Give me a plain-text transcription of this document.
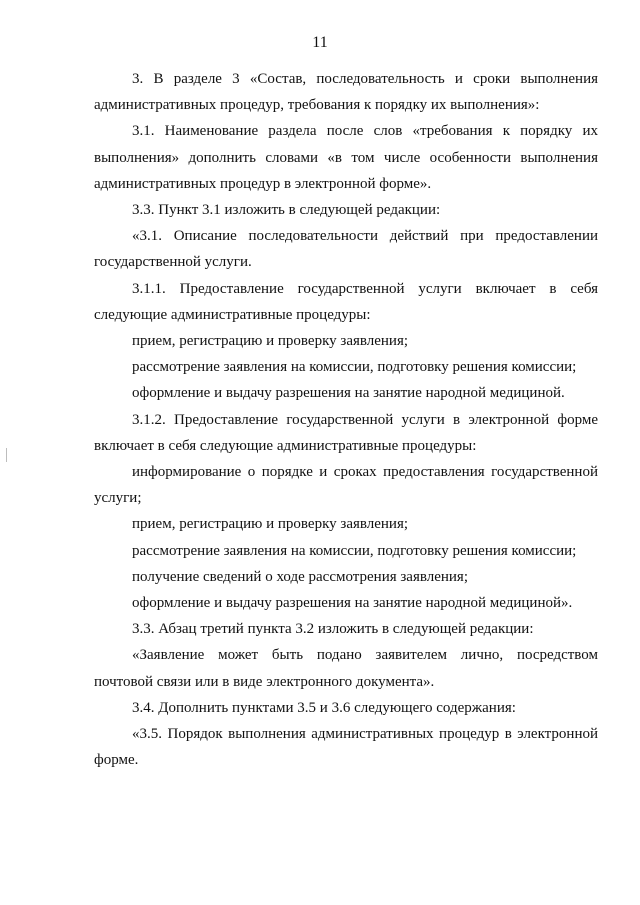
11

3. В разделе 3 «Состав, последовательность и сроки выполнения административных процедур, требования к порядку их выполнения»:

3.1. Наименование раздела после слов «требования к порядку их выполнения» дополнить словами «в том числе особенности выполнения административных процедур в электронной форме».

3.3. Пункт 3.1 изложить в следующей редакции:

«3.1. Описание последовательности действий при предоставлении государственной услуги.

3.1.1. Предоставление государственной услуги включает в себя следующие административные процедуры:

прием, регистрацию и проверку заявления;

рассмотрение заявления на комиссии, подготовку решения комиссии;

оформление и выдачу разрешения на занятие народной медициной.

3.1.2. Предоставление государственной услуги в электронной форме включает в себя следующие административные процедуры:

информирование о порядке и сроках предоставления государственной услуги;

прием, регистрацию и проверку заявления;

рассмотрение заявления на комиссии, подготовку решения комиссии;

получение сведений о ходе рассмотрения заявления;

оформление и выдачу разрешения на занятие народной медициной».

3.3. Абзац третий пункта 3.2 изложить в следующей редакции:

«Заявление может быть подано заявителем лично, посредством почтовой связи или в виде электронного документа».

3.4. Дополнить пунктами 3.5 и 3.6 следующего содержания:

«3.5. Порядок выполнения административных процедур в электронной форме.
